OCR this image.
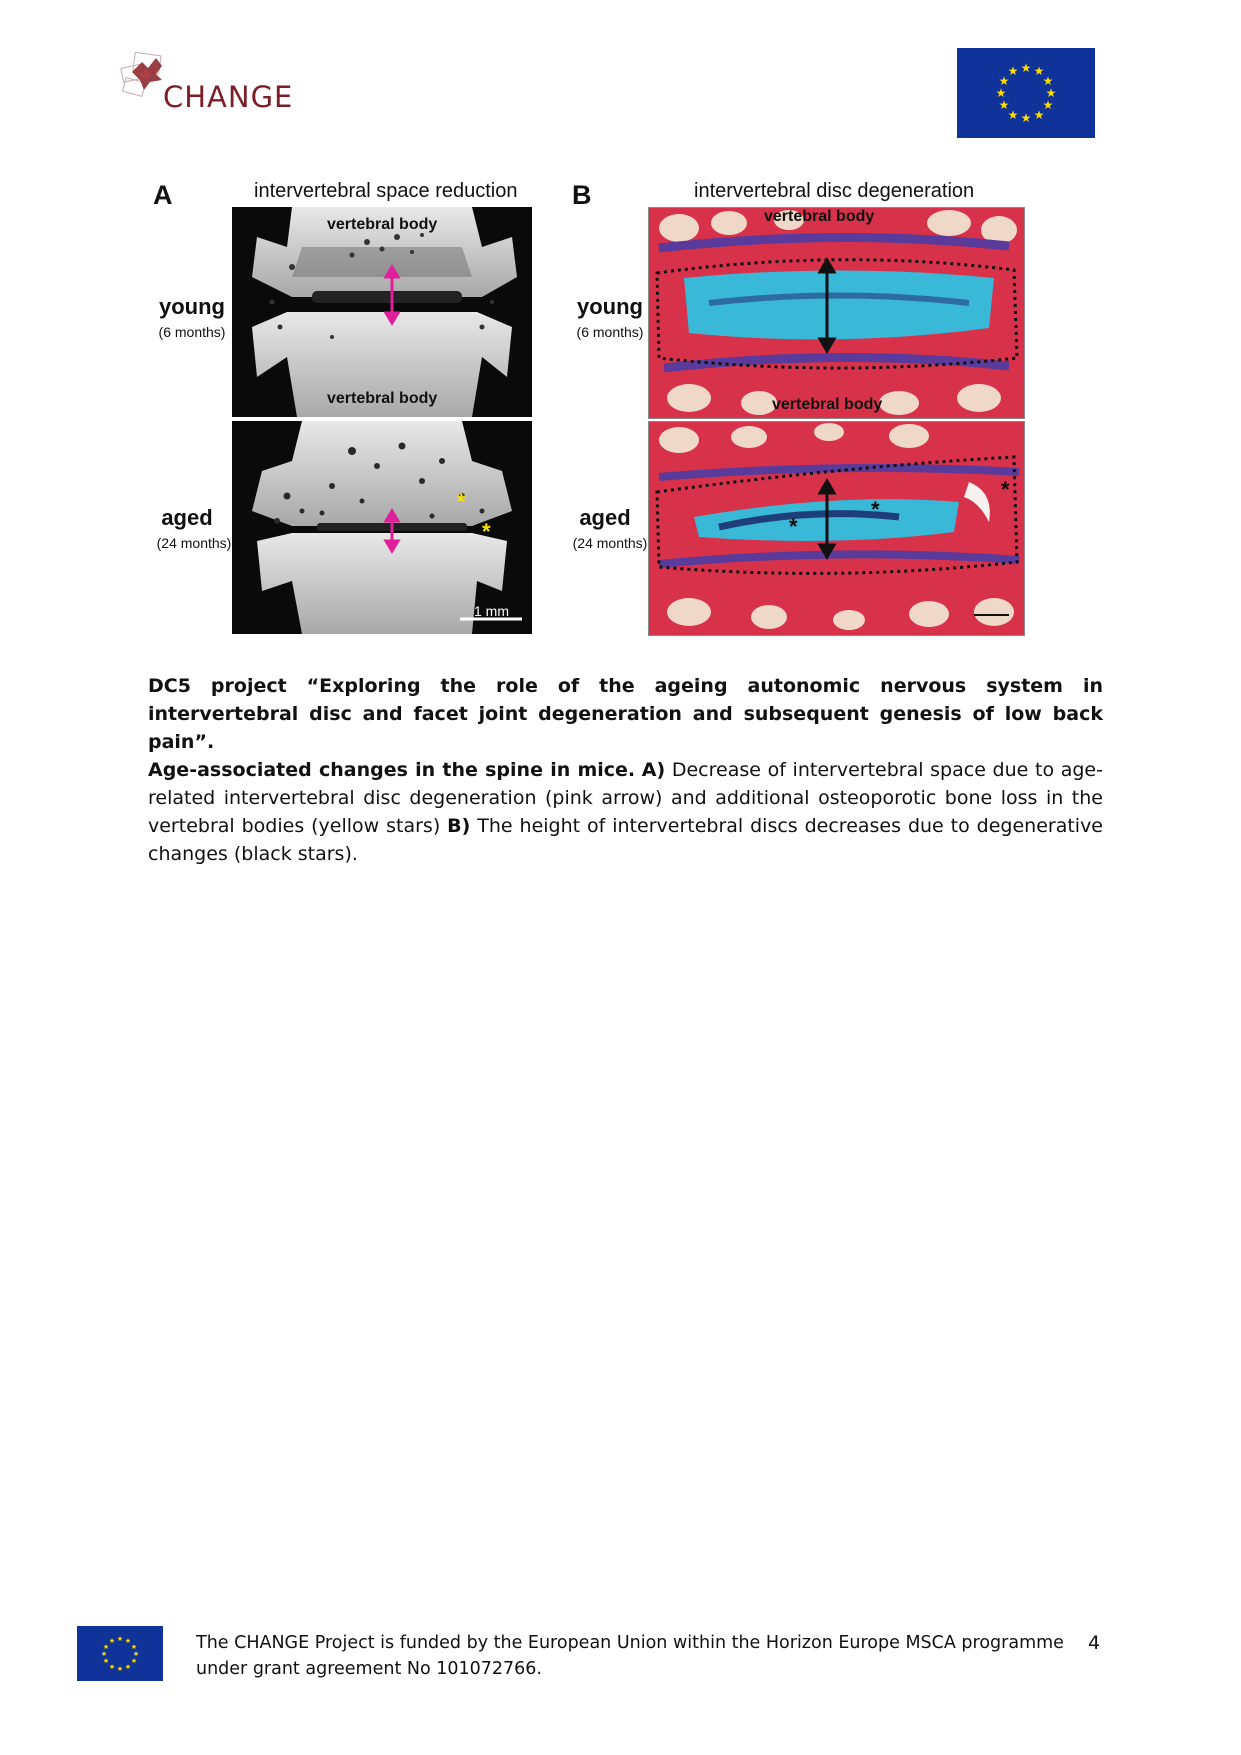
CHANGE
★ ★
★
★
★
★
★
★
★
★
★
★
A	intervertebral space reduction
young
(6 months)
aged
(24 months)
vertebral body
vertebral body
*
*
1 mm
B	intervertebral disc degeneration
young
(6 months)
aged
(24 months)
vertebral body
vertebral body
*
*
*

DC5 project “Exploring the role of the ageing autonomic nervous system in intervertebral disc and facet joint degeneration and subsequent genesis of low back pain”.

Age-associated changes in the spine in mice. A) Decrease of intervertebral space due to age-related intervertebral disc degeneration (pink arrow) and additional osteoporotic bone loss in the vertebral bodies (yellow stars) B) The height of intervertebral discs decreases due to degenerative changes (black stars).

★ ★
★
★
★
★
★
★
★
★
★
★	The CHANGE Project is funded by the European Union within the Horizon Europe MSCA programme under grant agreement No 101072766.
4
